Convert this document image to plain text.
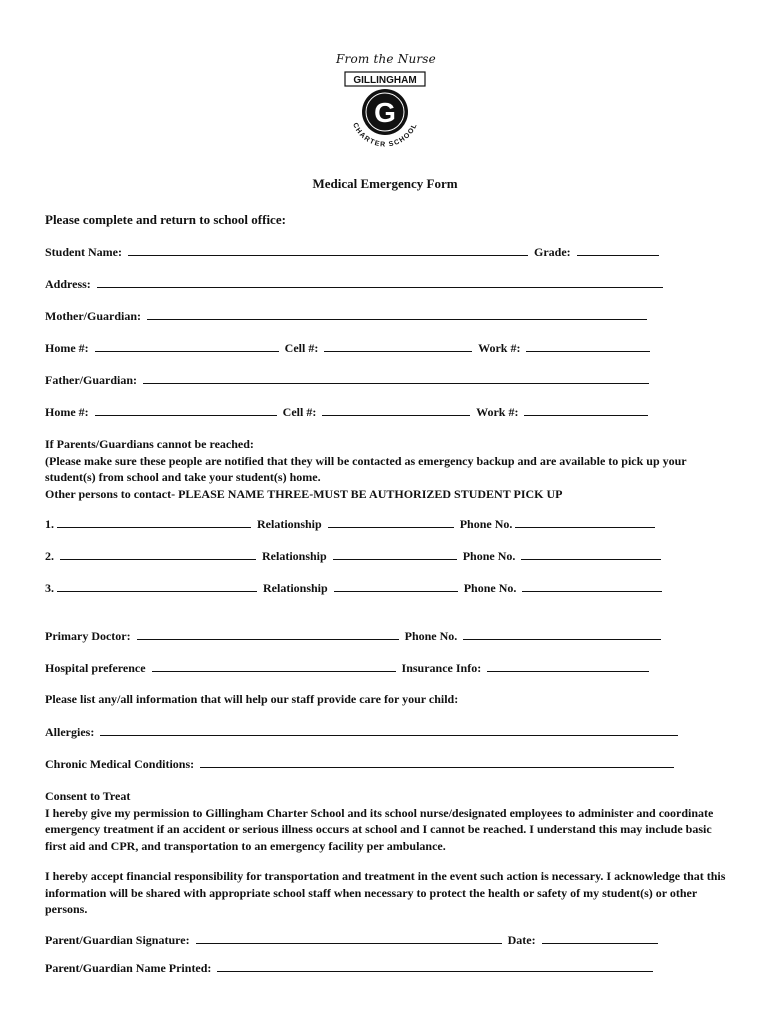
From the Nurse
GILLINGHAM
G
CHARTER SCHOOL
Medical Emergency Form
Please complete and return to school office:
Student Name:	Grade:
Address:
Mother/Guardian:
Home #:	Cell #:	Work #:
Father/Guardian:
Home #:	Cell #:	Work #:

If Parents/Guardians cannot be reached:

(Please make sure these people are notified that they will be contacted as emergency backup and are available to pick up your student(s) from school and take your student(s) home.

Other persons to contact- PLEASE NAME THREE-MUST BE AUTHORIZED STUDENT PICK UP

1.	Relationship	Phone No.
2.	Relationship	Phone No.
3.	Relationship	Phone No.
Primary Doctor:	Phone No.
Hospital preference	Insurance Info:
Please list any/all information that will help our staff provide care for your child:
Allergies:
Chronic Medical Conditions:

Consent to Treat

I hereby give my permission to Gillingham Charter School and its school nurse/designated employees to administer and coordinate emergency treatment if an accident or serious illness occurs at school and I cannot be reached. I understand this may include basic first aid and CPR, and transportation to an emergency facility per ambulance.

I hereby accept financial responsibility for transportation and treatment in the event such action is necessary. I acknowledge that this information will be shared with appropriate school staff when necessary to protect the health or safety of my student(s) or other persons.

Parent/Guardian Signature:	Date:
Parent/Guardian Name Printed:
